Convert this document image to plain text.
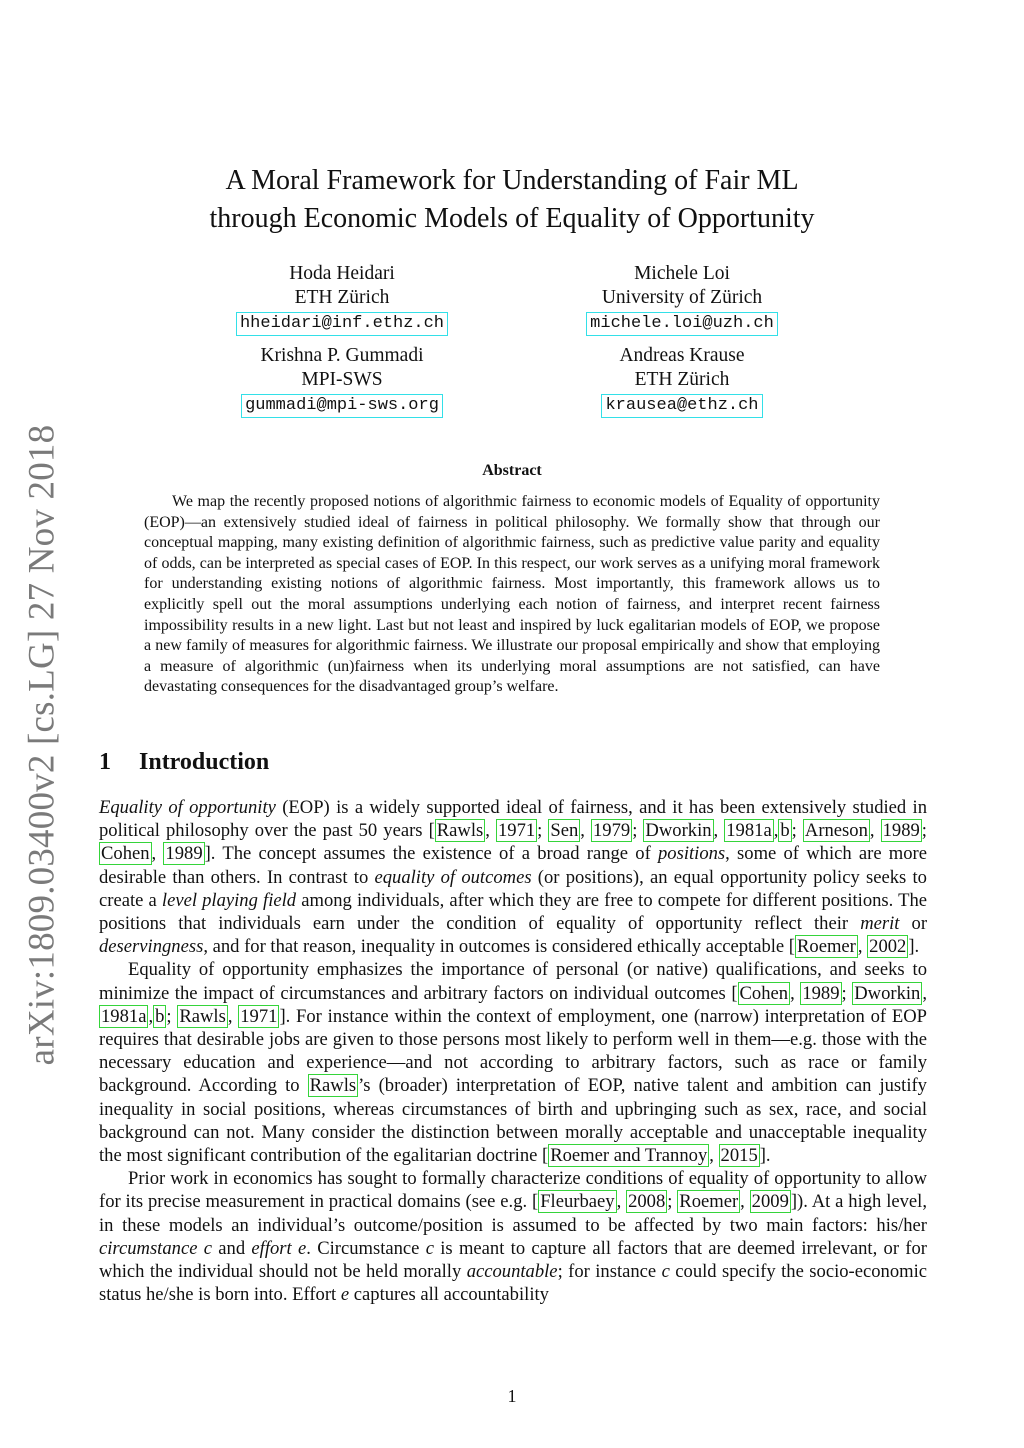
arXiv:1809.03400v2 [cs.LG] 27 Nov 2018
A Moral Framework for Understanding of Fair ML
through Economic Models of Equality of Opportunity
Hoda Heidari
ETH Zürich
hheidari@inf.ethz.ch
Michele Loi
University of Zürich
michele.loi@uzh.ch
Krishna P. Gummadi
MPI-SWS
gummadi@mpi-sws.org
Andreas Krause
ETH Zürich
krausea@ethz.ch
Abstract
We map the recently proposed notions of algorithmic fairness to economic models of Equality of opportunity (EOP)—an extensively studied ideal of fairness in political philosophy. We formally show that through our conceptual mapping, many existing definition of algorithmic fairness, such as predictive value parity and equality of odds, can be interpreted as special cases of EOP. In this respect, our work serves as a unifying moral framework for understanding existing notions of algorithmic fairness. Most importantly, this framework allows us to explicitly spell out the moral assumptions underlying each notion of fairness, and interpret recent fairness impossibility results in a new light. Last but not least and inspired by luck egalitarian models of EOP, we propose a new family of measures for algorithmic fairness. We illustrate our proposal empirically and show that employing a measure of algorithmic (un)fairness when its underlying moral assumptions are not satisfied, can have devastating consequences for the disadvantaged group’s welfare.
1 Introduction

Equality of opportunity (EOP) is a widely supported ideal of fairness, and it has been extensively studied in political philosophy over the past 50 years [ Rawls , 1971 ; Sen , 1979 ; Dworkin , 1981a , b ; Arneson , 1989 ; Cohen , 1989 ]. The concept assumes the existence of a broad range of positions, some of which are more desirable than others. In contrast to equality of outcomes (or positions), an equal opportunity policy seeks to create a level playing field among individuals, after which they are free to compete for different positions. The positions that individuals earn under the condition of equality of opportunity reflect their merit or deservingness, and for that reason, inequality in outcomes is considered ethically acceptable [ Roemer , 2002 ].

Equality of opportunity emphasizes the importance of personal (or native) qualifications, and seeks to minimize the impact of circumstances and arbitrary factors on individual outcomes [ Cohen , 1989 ; Dworkin , 1981a , b ; Rawls , 1971 ]. For instance within the context of employment, one (narrow) interpretation of EOP requires that desirable jobs are given to those persons most likely to perform well in them—e.g. those with the necessary education and experience—and not according to arbitrary factors, such as race or family background. According to Rawls ’s (broader) interpretation of EOP, native talent and ambition can justify inequality in social positions, whereas circumstances of birth and upbringing such as sex, race, and social background can not. Many consider the distinction between morally acceptable and unacceptable inequality the most significant contribution of the egalitarian doctrine [ Roemer and Trannoy , 2015 ].

Prior work in economics has sought to formally characterize conditions of equality of opportunity to allow for its precise measurement in practical domains (see e.g. [ Fleurbaey , 2008 ; Roemer , 2009 ]). At a high level, in these models an individual’s outcome/position is assumed to be affected by two main factors: his/her circumstance c and effort e. Circumstance c is meant to capture all factors that are deemed irrelevant, or for which the individual should not be held morally accountable; for instance c could specify the socio-economic status he/she is born into. Effort e captures all accountability

1
